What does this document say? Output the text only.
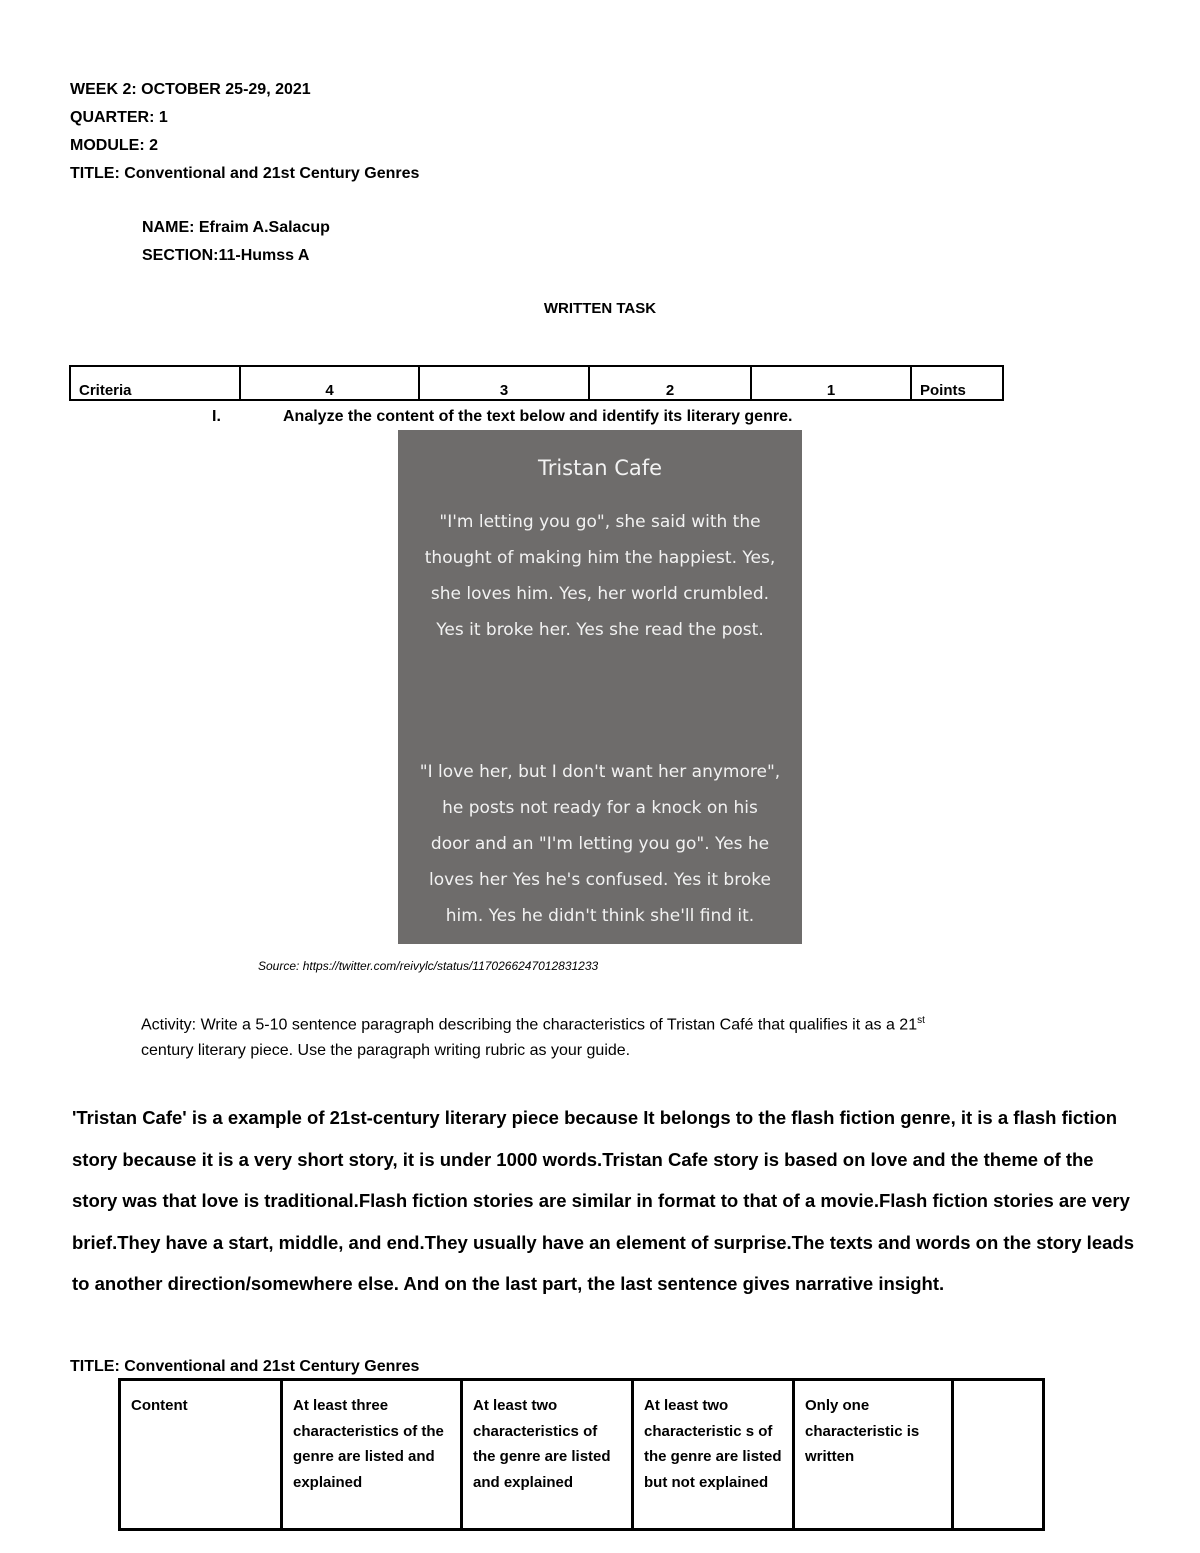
WEEK 2: OCTOBER 25-29, 2021
QUARTER: 1
MODULE: 2
TITLE: Conventional and 21st Century Genres
NAME: Efraim A.Salacup
SECTION:11-Humss A
WRITTEN TASK
Criteria	4	3	2	1	Points
I.	Analyze the content of the text below and identify its literary genre.
Tristan Cafe
"I'm letting you go", she said with the
thought of making him the happiest. Yes,
she loves him. Yes, her world crumbled.
Yes it broke her. Yes she read the post.
"I love her, but I don't want her anymore",
he posts not ready for a knock on his
door and an "I'm letting you go". Yes he
loves her Yes he's confused. Yes it broke
him. Yes he didn't think she'll find it.
Source: https://twitter.com/reivylc/status/1170266247012831233
Activity: Write a 5-10 sentence paragraph describing the characteristics of Tristan Café that qualifies it as a 21st
century literary piece. Use the paragraph writing rubric as your guide.
'Tristan Cafe' is a example of 21st-century literary piece because It belongs to the flash fiction genre, it is a flash fiction story because it is a very short story, it is under 1000 words.Tristan Cafe story is based on love and the theme of the story was that love is traditional.Flash fiction stories are similar in format to that of a movie.Flash fiction stories are very brief.They have a start, middle, and end.They usually have an element of surprise.The texts and words on the story leads to another direction/somewhere else. And on the last part, the last sentence gives narrative insight.
TITLE: Conventional and 21st Century Genres
Content	At least three characteristics of the genre are listed and explained	At least two characteristics of the genre are listed and explained	At least two characteristic s of the genre are listed but not explained	Only one characteristic is written	
